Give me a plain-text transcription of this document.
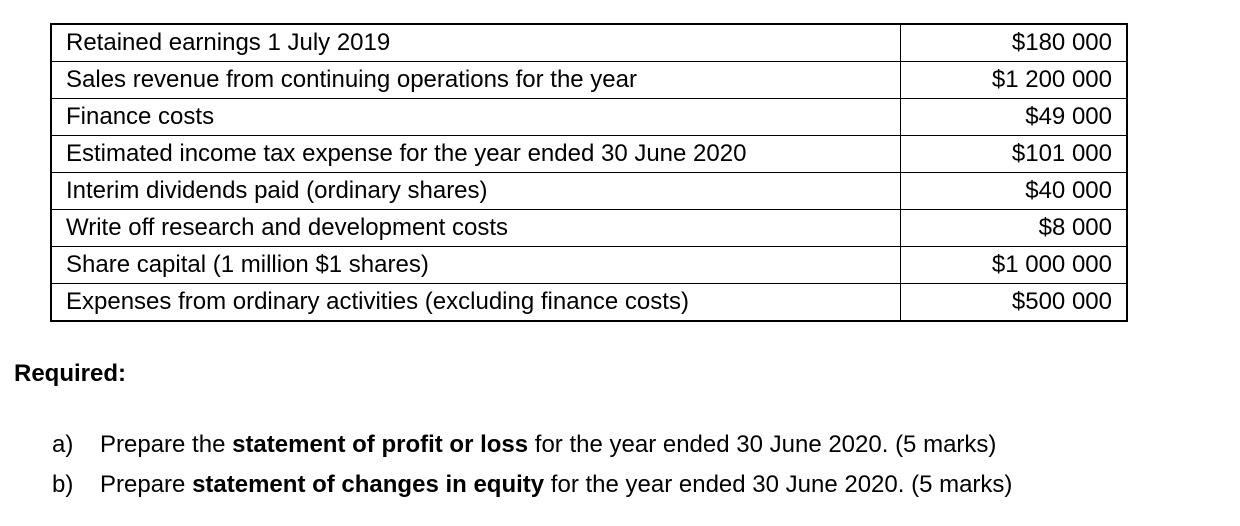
Retained earnings 1 July 2019	$180 000
Sales revenue from continuing operations for the year	$1 200 000
Finance costs	$49 000
Estimated income tax expense for the year ended 30 June 2020	$101 000
Interim dividends paid (ordinary shares)	$40 000
Write off research and development costs	$8 000
Share capital (1 million $1 shares)	$1 000 000
Expenses from ordinary activities (excluding finance costs)	$500 000

Required:

a) Prepare the statement of profit or loss for the year ended 30 June 2020. (5 marks)
b) Prepare statement of changes in equity for the year ended 30 June 2020. (5 marks)
